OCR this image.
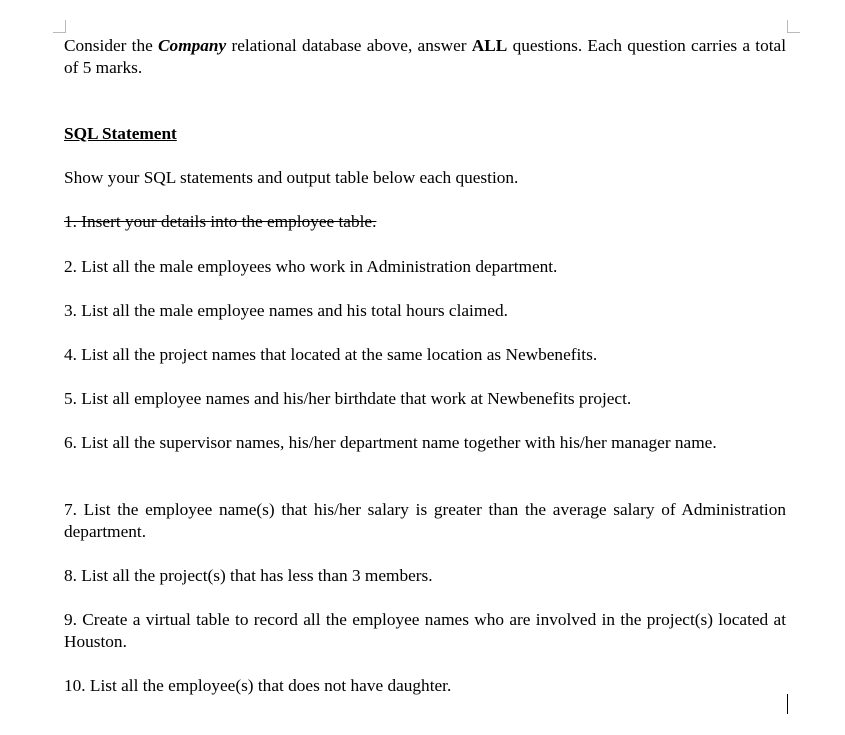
Consider the Company relational database above, answer ALL questions. Each question carries a total of 5 marks.

SQL Statement

Show your SQL statements and output table below each question.

1. Insert your details into the employee table.

2. List all the male employees who work in Administration department.

3. List all the male employee names and his total hours claimed.

4. List all the project names that located at the same location as Newbenefits.

5. List all employee names and his/her birthdate that work at Newbenefits project.

6. List all the supervisor names, his/her department name together with his/her manager name.

7. List the employee name(s) that his/her salary is greater than the average salary of Administration department.

8. List all the project(s) that has less than 3 members.

9. Create a virtual table to record all the employee names who are involved in the project(s) located at Houston.

10. List all the employee(s) that does not have daughter.
